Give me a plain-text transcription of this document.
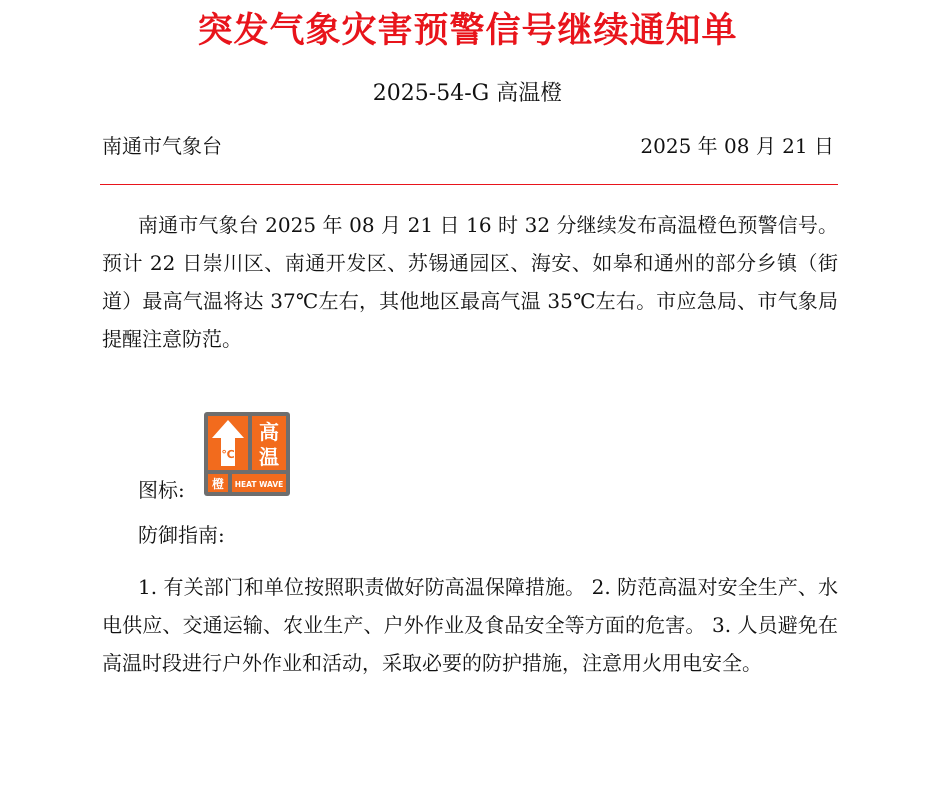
突发气象灾害预警信号继续通知单
2025-54-G 高温橙
南通市气象台	2025 年 08 月 21 日

南通市气象台 2025 年 08 月 21 日 16 时 32 分继续发布高温橙色预警信号。预计 22 日崇川区、南通开发区、苏锡通园区、海安、如皋和通州的部分乡镇（街道）最高气温将达 37℃左右，其他地区最高气温 35℃左右。市应急局、市气象局提醒注意防范。

图标:
℃
高
温
橙 HEAT WAVE

防御指南:

1. 有关部门和单位按照职责做好防高温保障措施。 2. 防范高温对安全生产、水电供应、交通运输、农业生产、户外作业及食品安全等方面的危害。 3. 人员避免在高温时段进行户外作业和活动，采取必要的防护措施，注意用火用电安全。
